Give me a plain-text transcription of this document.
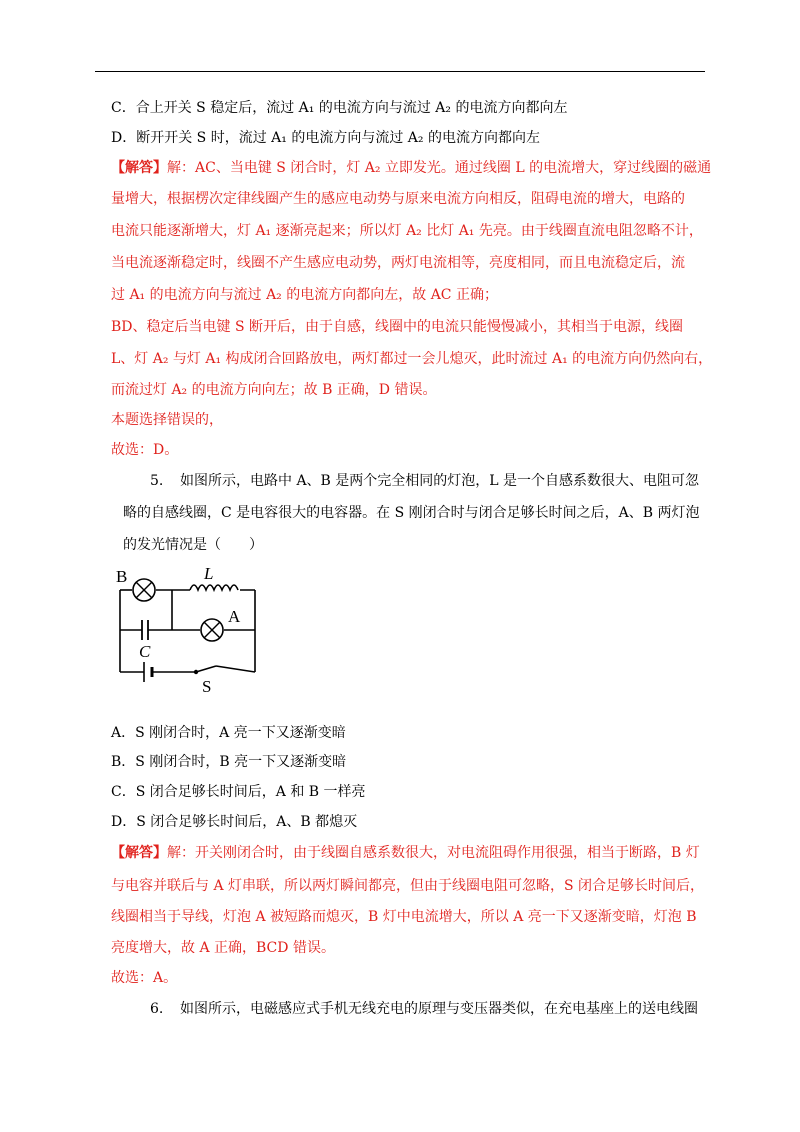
C．合上开关 S 稳定后，流过 A₁ 的电流方向与流过 A₂ 的电流方向都向左
D．断开开关 S 时，流过 A₁ 的电流方向与流过 A₂ 的电流方向都向左
【解答】解：AC、当电键 S 闭合时，灯 A₂ 立即发光。通过线圈 L 的电流增大，穿过线圈的磁通
量增大，根据楞次定律线圈产生的感应电动势与原来电流方向相反，阻碍电流的增大，电路的
电流只能逐渐增大，灯 A₁ 逐渐亮起来；所以灯 A₂ 比灯 A₁ 先亮。由于线圈直流电阻忽略不计，
当电流逐渐稳定时，线圈不产生感应电动势，两灯电流相等，亮度相同，而且电流稳定后，流
过 A₁ 的电流方向与流过 A₂ 的电流方向都向左，故 AC 正确；
BD、稳定后当电键 S 断开后，由于自感，线圈中的电流只能慢慢减小，其相当于电源，线圈
L、灯 A₂ 与灯 A₁ 构成闭合回路放电，两灯都过一会儿熄灭，此时流过 A₁ 的电流方向仍然向右，
而流过灯 A₂ 的电流方向向左；故 B 正确，D 错误。
本题选择错误的，
故选：D。
5. 如图所示，电路中 A、B 是两个完全相同的灯泡，L 是一个自感系数很大、电阻可忽
略的自感线圈，C 是电容很大的电容器。在 S 刚闭合时与闭合足够长时间之后，A、B 两灯泡
的发光情况是（　　）
B	L
A
C
S
A．S 刚闭合时，A 亮一下又逐渐变暗
B．S 刚闭合时，B 亮一下又逐渐变暗
C．S 闭合足够长时间后，A 和 B 一样亮
D．S 闭合足够长时间后，A、B 都熄灭
【解答】解：开关刚闭合时，由于线圈自感系数很大，对电流阻碍作用很强，相当于断路，B 灯
与电容并联后与 A 灯串联，所以两灯瞬间都亮，但由于线圈电阻可忽略，S 闭合足够长时间后，
线圈相当于导线，灯泡 A 被短路而熄灭，B 灯中电流增大，所以 A 亮一下又逐渐变暗，灯泡 B
亮度增大，故 A 正确，BCD 错误。
故选：A。
6. 如图所示，电磁感应式手机无线充电的原理与变压器类似，在充电基座上的送电线圈
